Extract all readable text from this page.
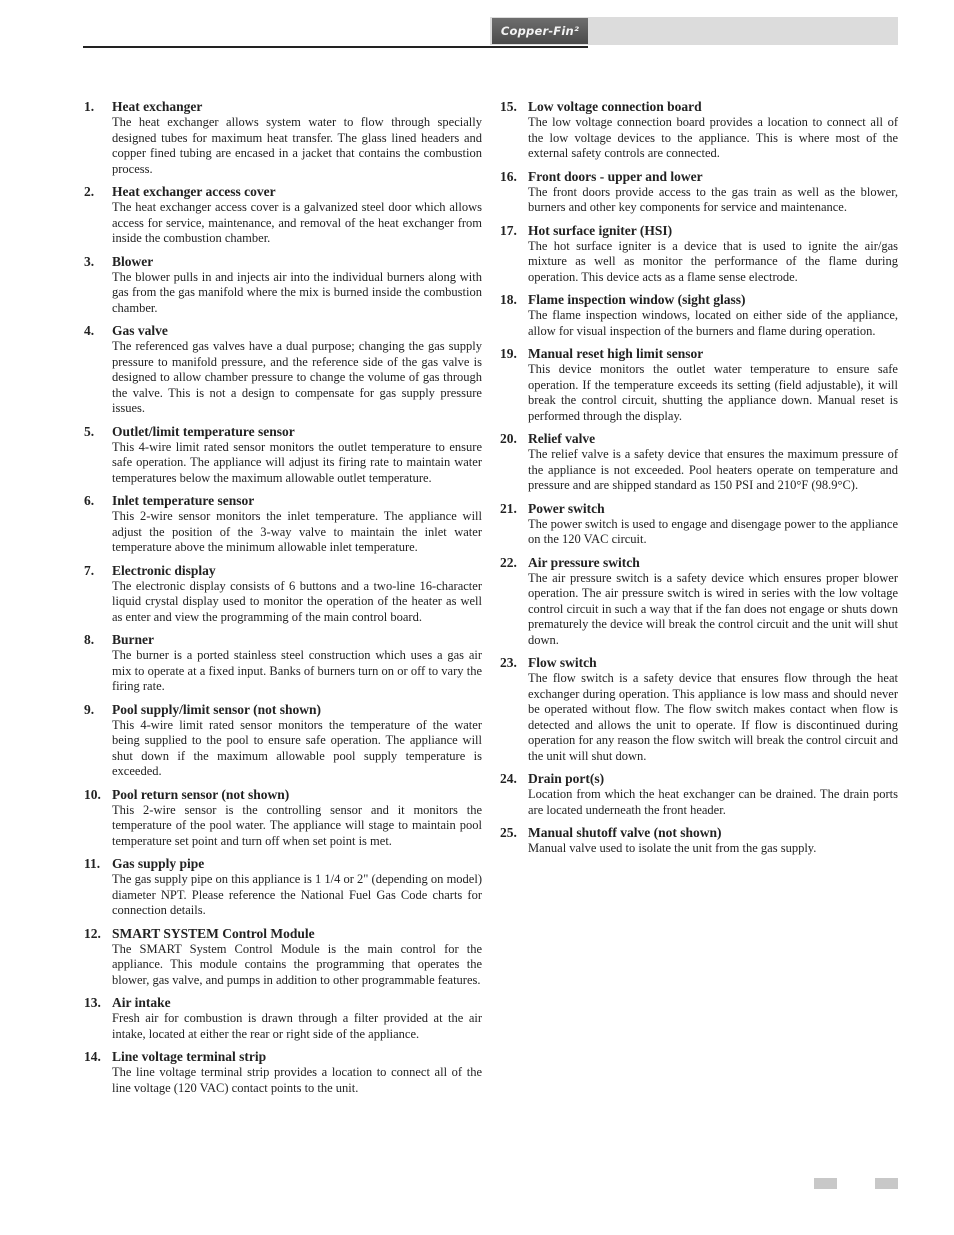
Copper-Fin²
1.	Heat exchanger
The heat exchanger allows system water to flow through specially designed tubes for maximum heat transfer. The glass lined headers and copper fined tubing are encased in a jacket that contains the combustion process.
2.	Heat exchanger access cover
The heat exchanger access cover is a galvanized steel door which allows access for service, maintenance, and removal of the heat exchanger from inside the combustion chamber.
3.	Blower
The blower pulls in and injects air into the individual burners along with gas from the gas manifold where the mix is burned inside the combustion chamber.
4.	Gas valve
The referenced gas valves have a dual purpose; changing the gas supply pressure to manifold pressure, and the reference side of the gas valve is designed to allow chamber pressure to change the volume of gas through the valve. This is not a design to compensate for gas supply pressure issues.
5.	Outlet/limit temperature sensor
This 4-wire limit rated sensor monitors the outlet temperature to ensure safe operation. The appliance will adjust its firing rate to maintain water temperatures below the maximum allowable outlet temperature.
6.	Inlet temperature sensor
This 2-wire sensor monitors the inlet temperature. The appliance will adjust the position of the 3-way valve to maintain the inlet water temperature above the minimum allowable inlet temperature.
7.	Electronic display
The electronic display consists of 6 buttons and a two-line 16-character liquid crystal display used to monitor the operation of the heater as well as enter and view the programming of the main control board.
8.	Burner
The burner is a ported stainless steel construction which uses a gas air mix to operate at a fixed input. Banks of burners turn on or off to vary the firing rate.
9.	Pool supply/limit sensor (not shown)
This 4-wire limit rated sensor monitors the temperature of the water being supplied to the pool to ensure safe operation. The appliance will shut down if the maximum allowable pool supply temperature is exceeded.
10. Pool return sensor (not shown)
This 2-wire sensor is the controlling sensor and it monitors the temperature of the pool water. The appliance will stage to maintain pool temperature set point and turn off when set point is met.
11. Gas supply pipe
The gas supply pipe on this appliance is 1 1/4 or 2" (depending on model) diameter NPT. Please reference the National Fuel Gas Code charts for connection details.
12. SMART SYSTEM Control Module
The SMART System Control Module is the main control for the appliance. This module contains the programming that operates the blower, gas valve, and pumps in addition to other programmable features.
13. Air intake
Fresh air for combustion is drawn through a filter provided at the air intake, located at either the rear or right side of the appliance.
14. Line voltage terminal strip
The line voltage terminal strip provides a location to connect all of the line voltage (120 VAC) contact points to the unit.
15. Low voltage connection board
The low voltage connection board provides a location to connect all of the low voltage devices to the appliance. This is where most of the external safety controls are connected.
16. Front doors - upper and lower
The front doors provide access to the gas train as well as the blower, burners and other key components for service and maintenance.
17. Hot surface igniter (HSI)
The hot surface igniter is a device that is used to ignite the air/gas mixture as well as monitor the performance of the flame during operation. This device acts as a flame sense electrode.
18. Flame inspection window (sight glass)
The flame inspection windows, located on either side of the appliance, allow for visual inspection of the burners and flame during operation.
19. Manual reset high limit sensor
This device monitors the outlet water temperature to ensure safe operation. If the temperature exceeds its setting (field adjustable), it will break the control circuit, shutting the appliance down. Manual reset is performed through the display.
20. Relief valve
The relief valve is a safety device that ensures the maximum pressure of the appliance is not exceeded. Pool heaters operate on temperature and pressure and are shipped standard as 150 PSI and 210°F (98.9°C).
21. Power switch
The power switch is used to engage and disengage power to the appliance on the 120 VAC circuit.
22. Air pressure switch
The air pressure switch is a safety device which ensures proper blower operation. The air pressure switch is wired in series with the low voltage control circuit in such a way that if the fan does not engage or shuts down prematurely the device will break the control circuit and the unit will shut down.
23. Flow switch
The flow switch is a safety device that ensures flow through the heat exchanger during operation. This appliance is low mass and should never be operated without flow. The flow switch makes contact when flow is detected and allows the unit to operate. If flow is discontinued during operation for any reason the flow switch will break the control circuit and the unit will shut down.
24. Drain port(s)
Location from which the heat exchanger can be drained. The drain ports are located underneath the front header.
25. Manual shutoff valve (not shown)
Manual valve used to isolate the unit from the gas supply.
